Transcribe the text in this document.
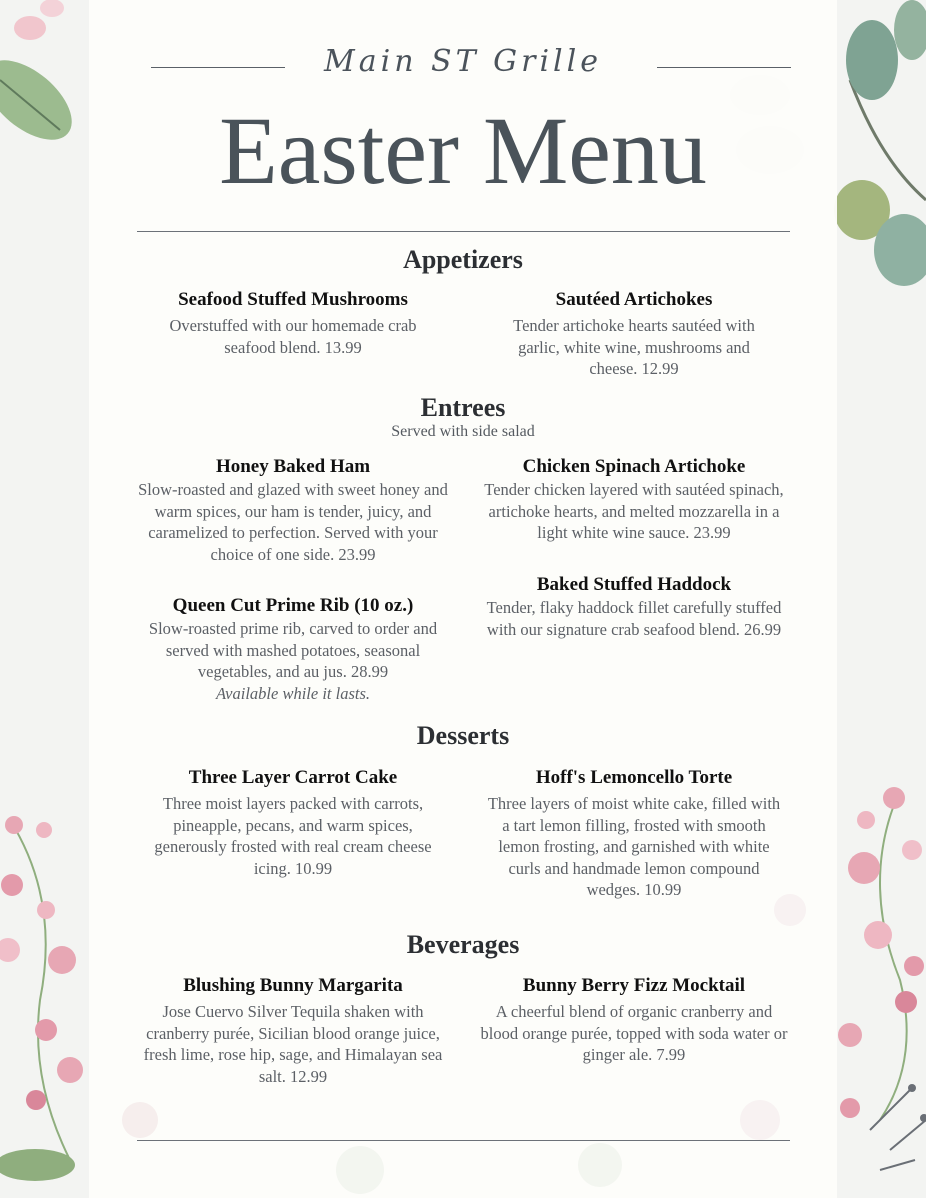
Main ST Grille
Easter Menu
Appetizers
Seafood Stuffed Mushrooms
Overstuffed with our homemade crab seafood blend. 13.99
Sautéed Artichokes
Tender artichoke hearts sautéed with garlic, white wine, mushrooms and cheese. 12.99
Entrees
Served with side salad
Honey Baked Ham
Slow-roasted and glazed with sweet honey and warm spices, our ham is tender, juicy, and caramelized to perfection. Served with your choice of one side. 23.99
Chicken Spinach Artichoke
Tender chicken layered with sautéed spinach, artichoke hearts, and melted mozzarella in a light white wine sauce. 23.99
Queen Cut Prime Rib (10 oz.)
Slow-roasted prime rib, carved to order and served with mashed potatoes, seasonal vegetables, and au jus. 28.99
Available while it lasts.
Baked Stuffed Haddock
Tender, flaky haddock fillet carefully stuffed with our signature crab seafood blend. 26.99
Desserts
Three Layer Carrot Cake
Three moist layers packed with carrots, pineapple, pecans, and warm spices, generously frosted with real cream cheese icing. 10.99
Hoff's Lemoncello Torte
Three layers of moist white cake, filled with a tart lemon filling, frosted with smooth lemon frosting, and garnished with white curls and handmade lemon compound wedges. 10.99
Beverages
Blushing Bunny Margarita
Jose Cuervo Silver Tequila shaken with cranberry purée, Sicilian blood orange juice, fresh lime, rose hip, sage, and Himalayan sea salt. 12.99
Bunny Berry Fizz Mocktail
A cheerful blend of organic cranberry and blood orange purée, topped with soda water or ginger ale. 7.99
